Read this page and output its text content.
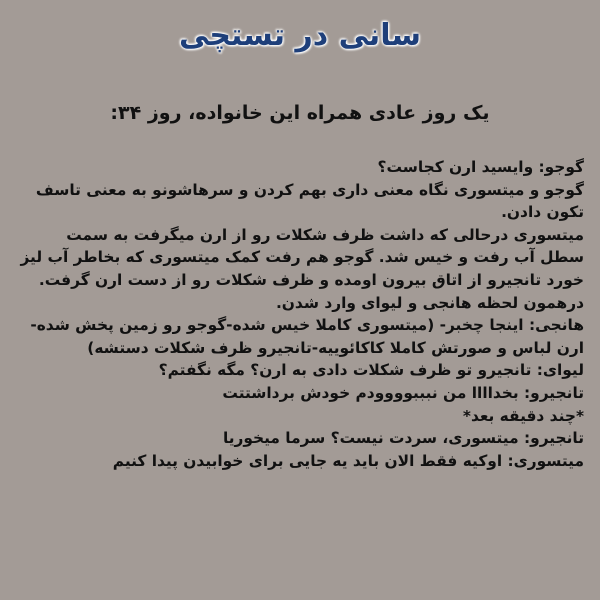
سانی در تستچی
یک روز عادی همراه این خانواده، روز ۳۴:

گوجو: وایسید ارن کجاست؟

گوجو و میتسوری نگاه معنی داری بهم کردن و سرهاشونو به معنی تاسف تکون دادن.

میتسوری درحالی که داشت ظرف شکلات رو از ارن میگرفت به سمت سطل آب رفت و خیس شد. گوجو هم رفت کمک میتسوری که بخاطر آب لیز خورد تانجیرو از اتاق بیرون اومده و ظرف شکلات رو از دست ارن گرفت. درهمون لحظه هانجی و لیوای وارد شدن.

هانجی: اینجا چخبر- (میتسوری کاملا خیس شده-گوجو رو زمین پخش شده-ارن لباس و صورتش کاملا کاکائوییه-تانجیرو ظرف شکلات دستشه)

لیوای: تانجیرو تو ظرف شکلات دادی به ارن؟ مگه نگفتم؟

تانجیرو: بخداااا من نبببوووودم خودش برداشتتت

*چند دقیقه بعد*

تانجیرو: میتسوری، سردت نیست؟ سرما میخوریا

میتسوری: اوکیه فقط الان باید یه جایی برای خوابیدن پیدا کنیم
